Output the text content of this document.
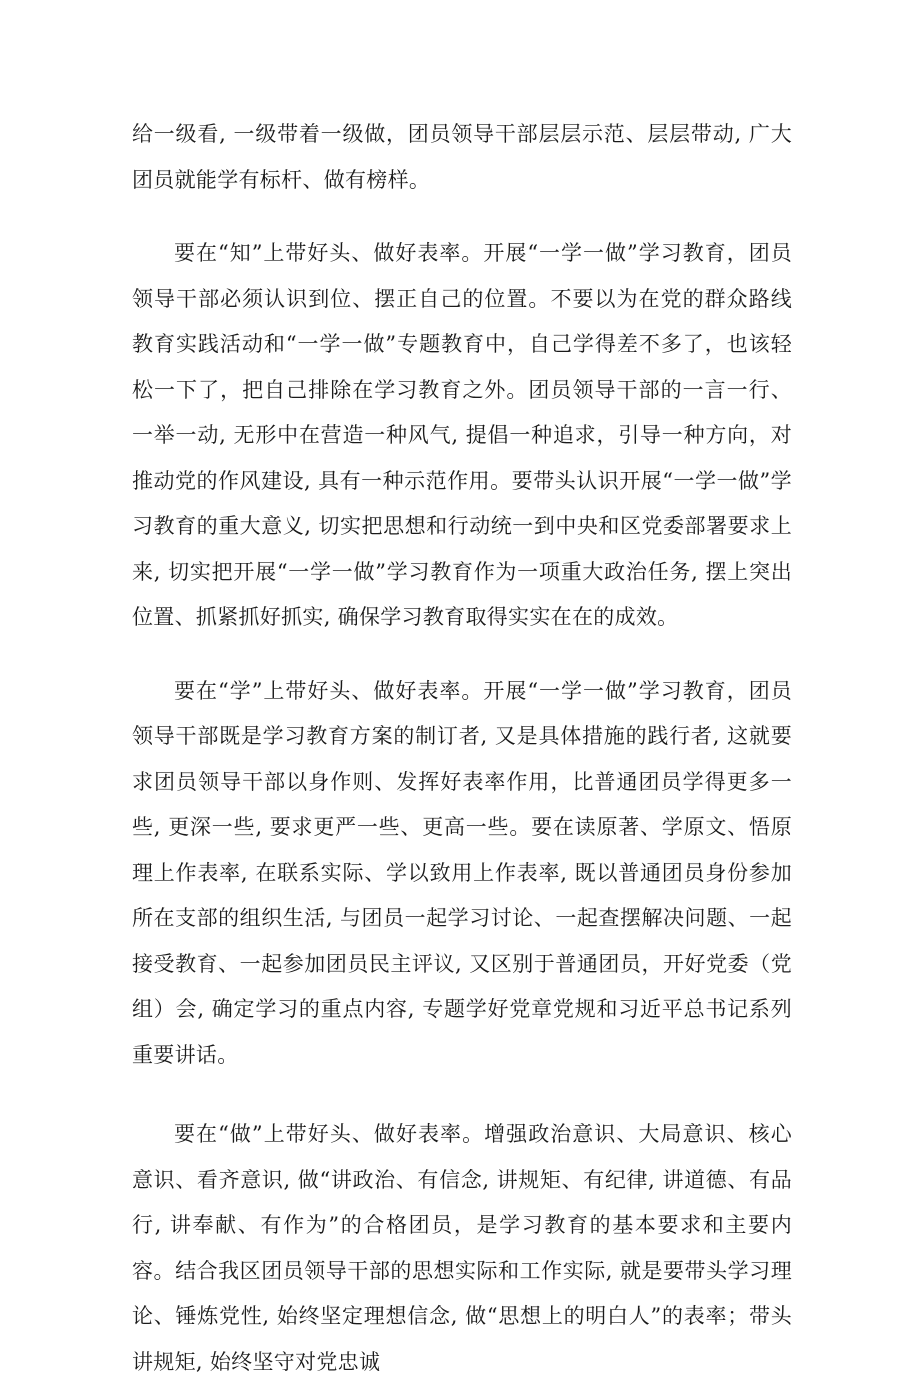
给一级看, 一级带着一级做，团员领导干部层层示范、层层带动, 广大团员就能学有标杆、做有榜样。

要在“知”上带好头、做好表率。开展“一学一做”学习教育，团员领导干部必须认识到位、摆正自己的位置。不要以为在党的群众路线教育实践活动和“一学一做”专题教育中，自己学得差不多了，也该轻松一下了，把自己排除在学习教育之外。团员领导干部的一言一行、一举一动, 无形中在营造一种风气, 提倡一种追求，引导一种方向，对推动党的作风建设, 具有一种示范作用。要带头认识开展“一学一做”学习教育的重大意义, 切实把思想和行动统一到中央和区党委部署要求上来, 切实把开展“一学一做”学习教育作为一项重大政治任务, 摆上突出位置、抓紧抓好抓实, 确保学习教育取得实实在在的成效。

要在“学”上带好头、做好表率。开展“一学一做”学习教育，团员领导干部既是学习教育方案的制订者, 又是具体措施的践行者, 这就要求团员领导干部以身作则、发挥好表率作用，比普通团员学得更多一些, 更深一些, 要求更严一些、更高一些。要在读原著、学原文、悟原理上作表率, 在联系实际、学以致用上作表率, 既以普通团员身份参加所在支部的组织生活, 与团员一起学习讨论、一起查摆解决问题、一起接受教育、一起参加团员民主评议, 又区别于普通团员，开好党委（党组）会, 确定学习的重点内容, 专题学好党章党规和习近平总书记系列重要讲话。

要在“做”上带好头、做好表率。增强政治意识、大局意识、核心意识、看齐意识, 做“讲政治、有信念, 讲规矩、有纪律, 讲道德、有品行, 讲奉献、有作为”的合格团员，是学习教育的基本要求和主要内容。结合我区团员领导干部的思想实际和工作实际, 就是要带头学习理论、锤炼党性, 始终坚定理想信念, 做“思想上的明白人”的表率；带头讲规矩, 始终坚守对党忠诚
